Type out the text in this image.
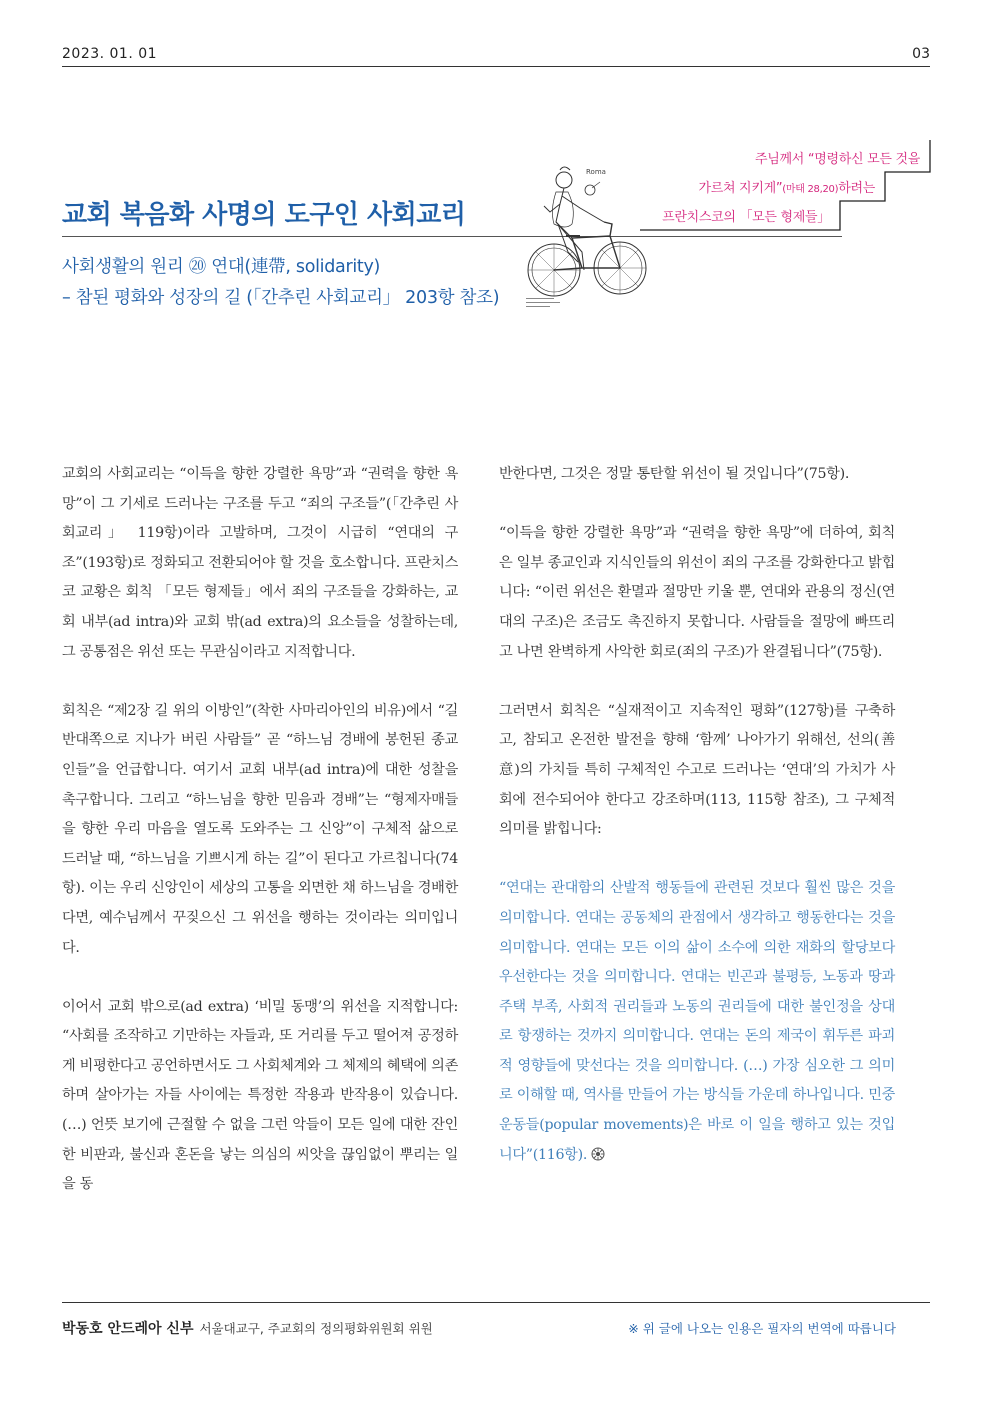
2023. 01. 01	03
교회 복음화 사명의 도구인 사회교리
사회생활의 원리 ⑳ 연대(連帶, solidarity)
– 참된 평화와 성장의 길 (「간추린 사회교리」 203항 참조)
주님께서 “명령하신 모든 것을
가르쳐 지키게”(마태 28,20)하려는
프란치스코의 「모든 형제들」
Roma

교회의 사회교리는 “이득을 향한 강렬한 욕망”과 “권력을 향한 욕망”이 그 기세로 드러나는 구조를 두고 “죄의 구조들”(「간추린 사회교리」 119항)이라 고발하며, 그것이 시급히 “연대의 구조”(193항)로 정화되고 전환되어야 할 것을 호소합니다. 프란치스코 교황은 회칙 「모든 형제들」에서 죄의 구조들을 강화하는, 교회 내부(ad intra)와 교회 밖(ad extra)의 요소들을 성찰하는데, 그 공통점은 위선 또는 무관심이라고 지적합니다.

회칙은 “제2장 길 위의 이방인”(착한 사마리아인의 비유)에서 “길 반대쪽으로 지나가 버린 사람들” 곧 “하느님 경배에 봉헌된 종교인들”을 언급합니다. 여기서 교회 내부(ad intra)에 대한 성찰을 촉구합니다. 그리고 “하느님을 향한 믿음과 경배”는 “형제자매들을 향한 우리 마음을 열도록 도와주는 그 신앙”이 구체적 삶으로 드러날 때, “하느님을 기쁘시게 하는 길”이 된다고 가르칩니다(74항). 이는 우리 신앙인이 세상의 고통을 외면한 채 하느님을 경배한다면, 예수님께서 꾸짖으신 그 위선을 행하는 것이라는 의미입니다.

이어서 교회 밖으로(ad extra) ‘비밀 동맹’의 위선을 지적합니다: “사회를 조작하고 기만하는 자들과, 또 거리를 두고 떨어져 공정하게 비평한다고 공언하면서도 그 사회체계와 그 체제의 혜택에 의존하며 살아가는 자들 사이에는 특정한 작용과 반작용이 있습니다. (…) 언뜻 보기에 근절할 수 없을 그런 악들이 모든 일에 대한 잔인한 비판과, 불신과 혼돈을 낳는 의심의 씨앗을 끊임없이 뿌리는 일을 동

반한다면, 그것은 정말 통탄할 위선이 될 것입니다”(75항).

“이득을 향한 강렬한 욕망”과 “권력을 향한 욕망”에 더하여, 회칙은 일부 종교인과 지식인들의 위선이 죄의 구조를 강화한다고 밝힙니다: “이런 위선은 환멸과 절망만 키울 뿐, 연대와 관용의 정신(연대의 구조)은 조금도 촉진하지 못합니다. 사람들을 절망에 빠뜨리고 나면 완벽하게 사악한 회로(죄의 구조)가 완결됩니다”(75항).

그러면서 회칙은 “실재적이고 지속적인 평화”(127항)를 구축하고, 참되고 온전한 발전을 향해 ‘함께’ 나아가기 위해선, 선의(善意)의 가치들 특히 구체적인 수고로 드러나는 ‘연대’의 가치가 사회에 전수되어야 한다고 강조하며(113, 115항 참조), 그 구체적 의미를 밝힙니다:

“연대는 관대함의 산발적 행동들에 관련된 것보다 훨씬 많은 것을 의미합니다. 연대는 공동체의 관점에서 생각하고 행동한다는 것을 의미합니다. 연대는 모든 이의 삶이 소수에 의한 재화의 할당보다 우선한다는 것을 의미합니다. 연대는 빈곤과 불평등, 노동과 땅과 주택 부족, 사회적 권리들과 노동의 권리들에 대한 불인정을 상대로 항쟁하는 것까지 의미합니다. 연대는 돈의 제국이 휘두른 파괴적 영향들에 맞선다는 것을 의미합니다. (…) 가장 심오한 그 의미로 이해할 때, 역사를 만들어 가는 방식들 가운데 하나입니다. 민중 운동들(popular movements)은 바로 이 일을 행하고 있는 것입니다”(116항).

박동호 안드레아 신부 서울대교구, 주교회의 정의평화위원회 위원	※ 위 글에 나오는 인용은 필자의 번역에 따릅니다
